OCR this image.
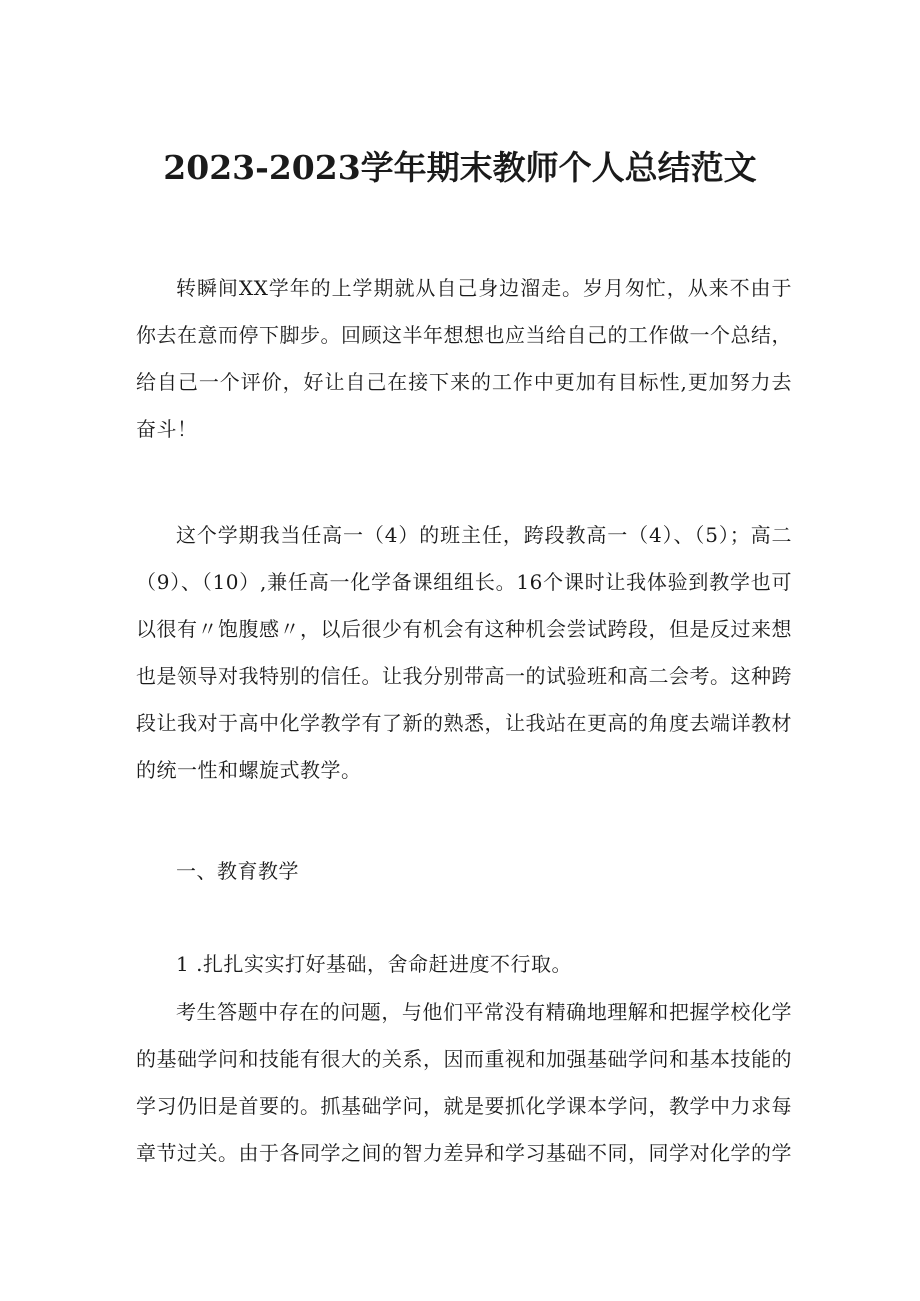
2023-2023学年期末教师个人总结范文

转瞬间XX学年的上学期就从自己身边溜走。岁月匆忙，从来不由于你去在意而停下脚步。回顾这半年想想也应当给自己的工作做一个总结，给自己一个评价，好让自己在接下来的工作中更加有目标性,更加努力去奋斗！

这个学期我当任高一（4）的班主任，跨段教高一（4）、（5）；高二（9）、（10）,兼任高一化学备课组组长。16个课时让我体验到教学也可以很有〃饱腹感〃，以后很少有机会有这种机会尝试跨段，但是反过来想也是领导对我特别的信任。让我分别带高一的试验班和高二会考。这种跨段让我对于高中化学教学有了新的熟悉，让我站在更高的角度去端详教材的统一性和螺旋式教学。

一、教育教学

1 .扎扎实实打好基础，舍命赶进度不行取。

考生答题中存在的问题，与他们平常没有精确地理解和把握学校化学的基础学问和技能有很大的关系，因而重视和加强基础学问和基本技能的学习仍旧是首要的。抓基础学问，就是要抓化学课本学问，教学中力求每章节过关。由于各同学之间的智力差异和学习基础不同，同学对化学的学
